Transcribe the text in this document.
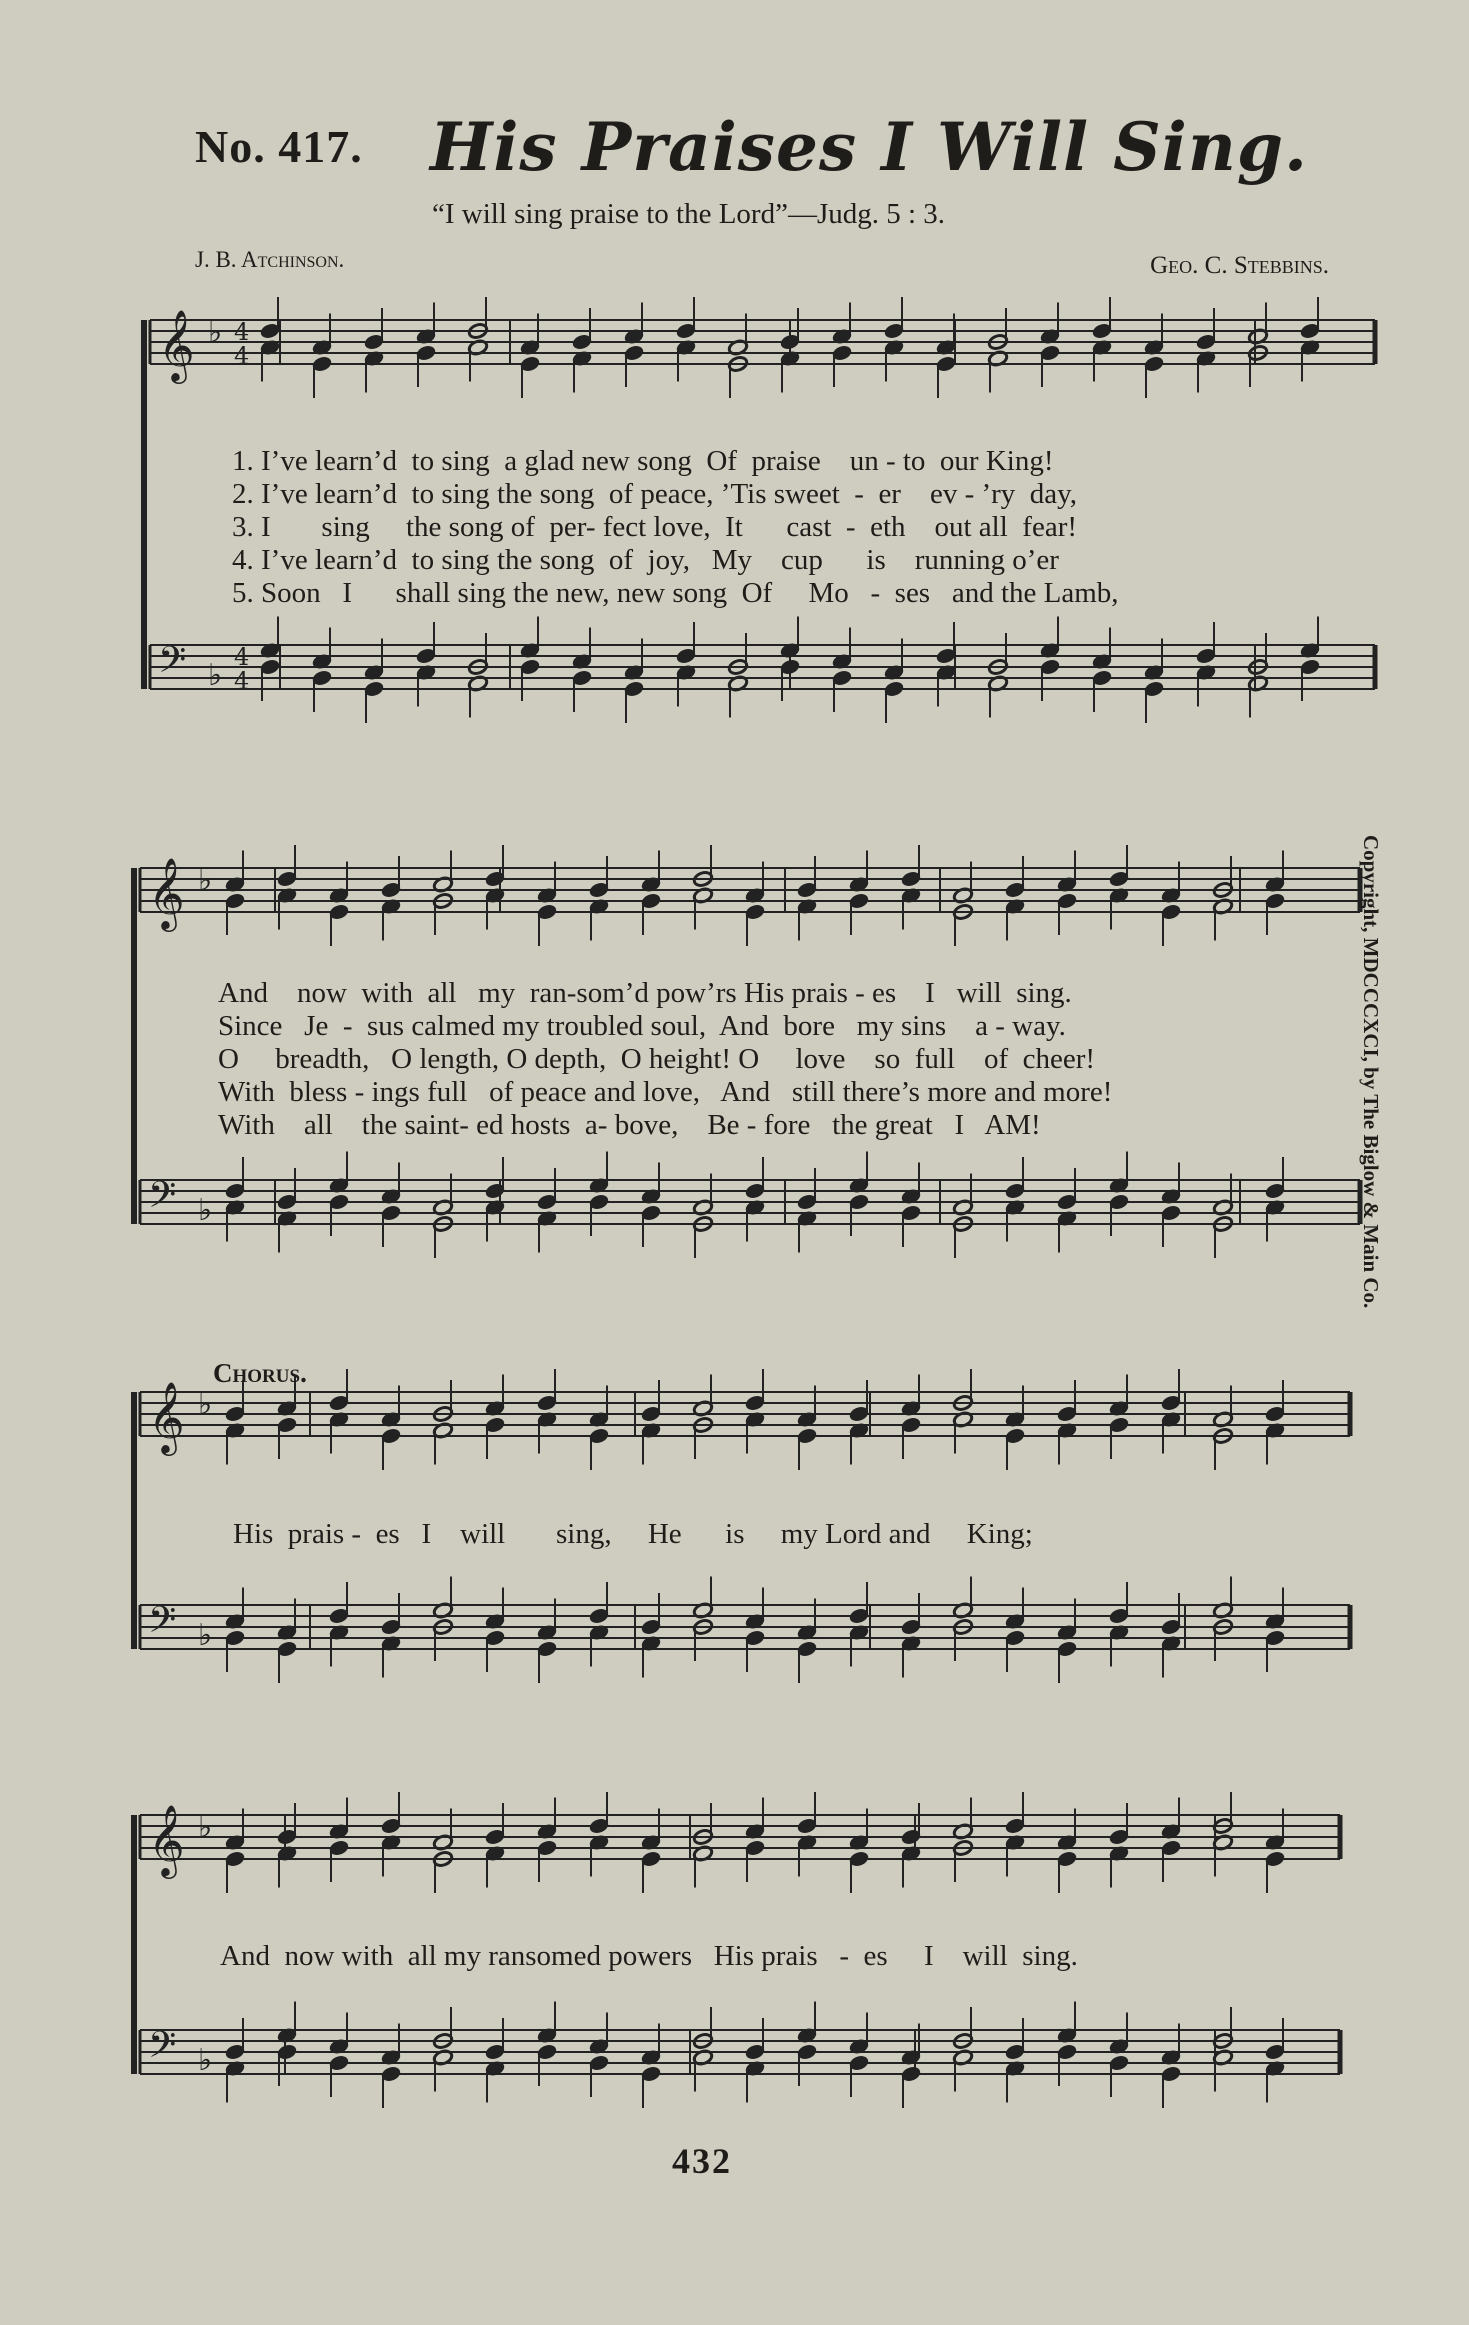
No. 417. His Praises I Will Sing.
“I will sing praise to the Lord”—Judg. 5 : 3.
J. B. Atchinson.	Geo. C. Stebbins.
𝄞 ♭ 4
4
𝄢 ♭
4
4
𝄞 ♭
𝄢 ♭
𝄞 ♭
𝄢 ♭
𝄞 ♭
𝄢 ♭
1. I’ve learn’d  to sing  a glad new song  Of  praise    un - to  our King!
2. I’ve learn’d  to sing the song  of peace, ’Tis sweet  -  er    ev - ’ry  day,
3. I       sing     the song of  per- fect love,  It      cast  -  eth    out all  fear!
4. I’ve learn’d  to sing the song  of  joy,   My    cup      is    running o’er
5. Soon   I      shall sing the new, new song  Of     Mo   -  ses   and the Lamb,
And    now  with  all   my  ran-som’d pow’rs His prais - es    I   will  sing.
Since   Je  -  sus calmed my troubled soul,  And  bore   my sins    a - way.
O     breadth,   O length, O depth,  O height! O     love    so  full    of  cheer!
With  bless - ings full   of peace and love,   And   still there’s more and more!
With    all    the saint- ed hosts  a- bove,    Be - fore   the great   I   AM!
Chorus.
His  prais -  es   I    will       sing,     He      is     my Lord and     King;
And  now with  all my ransomed powers   His prais   -  es     I    will  sing.
Copyright, MDCCCXCI, by The Biglow & Main Co.
432
